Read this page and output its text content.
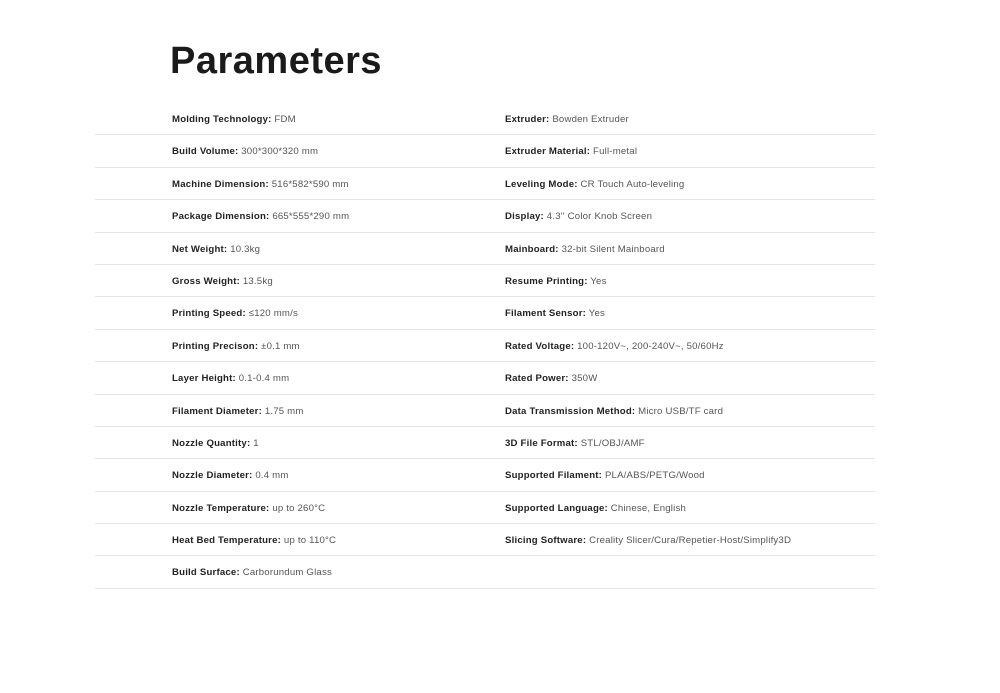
Parameters
Molding Technology: FDM	Extruder: Bowden Extruder
Build Volume: 300*300*320 mm	Extruder Material: Full-metal
Machine Dimension: 516*582*590 mm	Leveling Mode: CR Touch Auto-leveling
Package Dimension: 665*555*290 mm	Display: 4.3'' Color Knob Screen
Net Weight: 10.3kg	Mainboard: 32-bit Silent Mainboard
Gross Weight: 13.5kg	Resume Printing: Yes
Printing Speed: ≤120 mm/s	Filament Sensor: Yes
Printing Precison: ±0.1 mm	Rated Voltage: 100-120V~, 200-240V~, 50/60Hz
Layer Height: 0.1-0.4 mm	Rated Power: 350W
Filament Diameter: 1.75 mm	Data Transmission Method: Micro USB/TF card
Nozzle Quantity: 1	3D File Format: STL/OBJ/AMF
Nozzle Diameter: 0.4 mm	Supported Filament: PLA/ABS/PETG/Wood
Nozzle Temperature: up to 260°C	Supported Language: Chinese, English
Heat Bed Temperature: up to 110°C	Slicing Software: Creality Slicer/Cura/Repetier-Host/Simplify3D
Build Surface: Carborundum Glass
